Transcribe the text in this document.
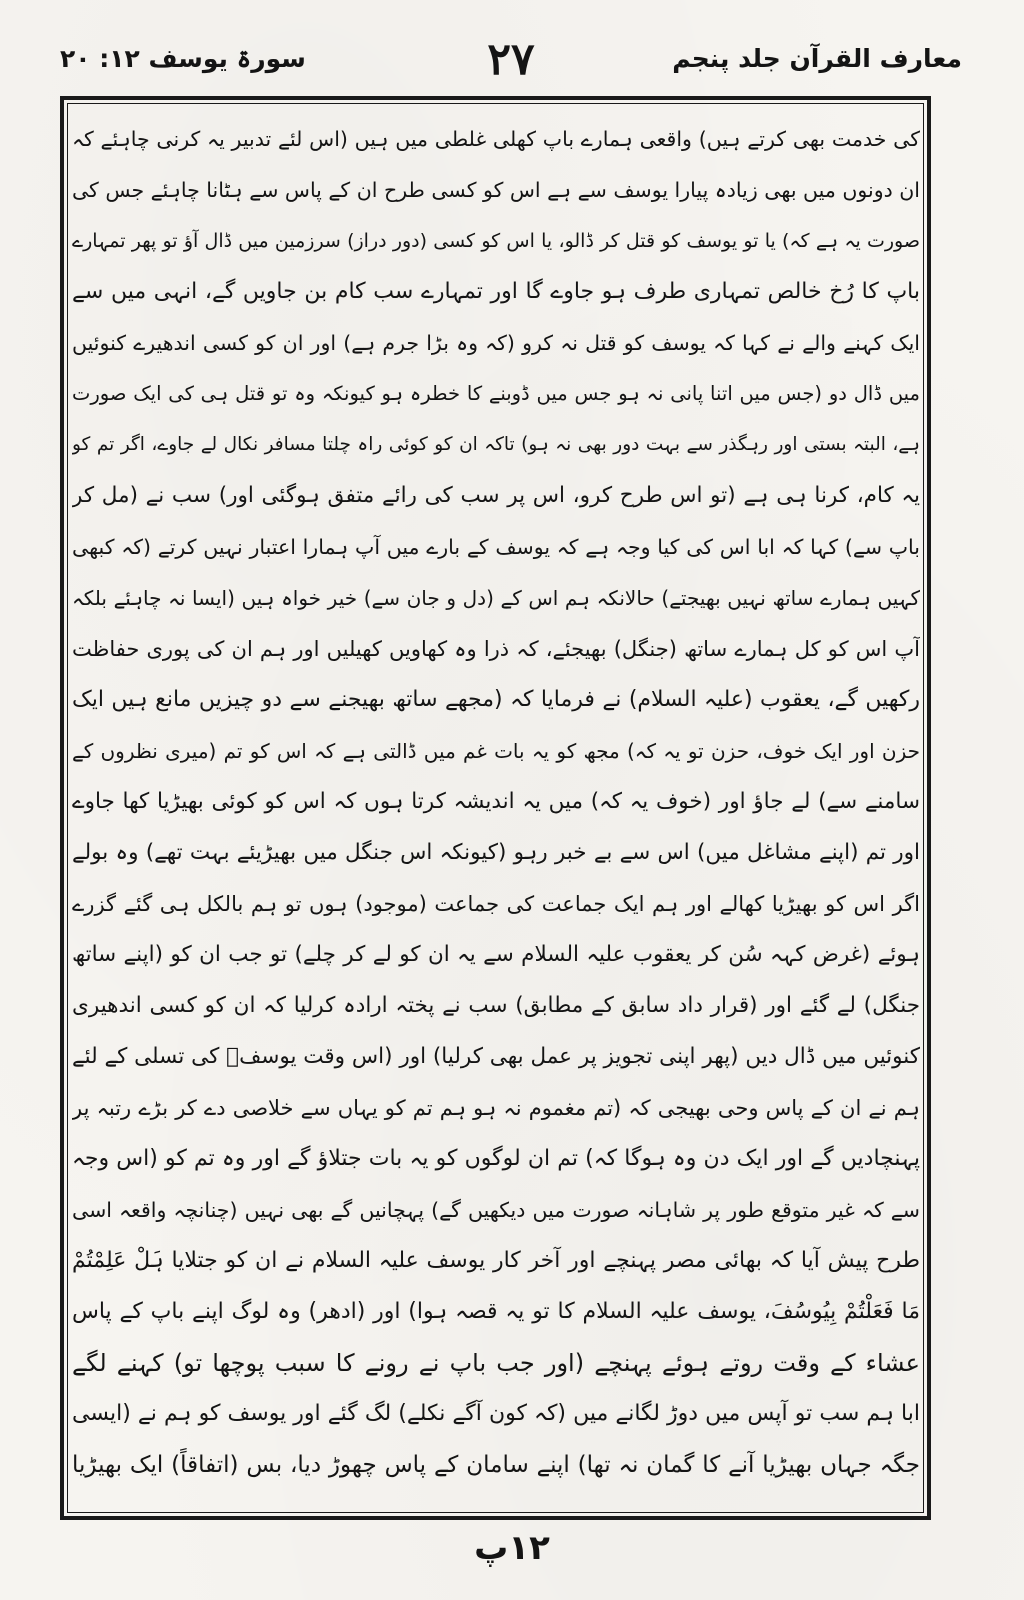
معارف القرآن جلد پنجم
۲۷
سورۃ یوسف ۱۲: ۲۰
کی خدمت بھی کرتے ہیں) واقعی ہمارے باپ کھلی غلطی میں ہیں (اس لئے تدبیر یہ کرنی چاہئے کہ
ان دونوں میں بھی زیادہ پیارا یوسف سے ہے اس کو کسی طرح ان کے پاس سے ہٹانا چاہئے جس کی
صورت یہ ہے کہ) یا تو یوسف کو قتل کر ڈالو، یا اس کو کسی (دور دراز) سرزمین میں ڈال آؤ تو پھر تمہارے
باپ کا رُخ خالص تمہاری طرف ہو جاوے گا اور تمہارے سب کام بن جاویں گے، انہی میں سے
ایک کہنے والے نے کہا کہ یوسف کو قتل نہ کرو (کہ وہ بڑا جرم ہے) اور ان کو کسی اندھیرے کنوئیں
میں ڈال دو (جس میں اتنا پانی نہ ہو جس میں ڈوبنے کا خطرہ ہو کیونکہ وہ تو قتل ہی کی ایک صورت
ہے، البتہ بستی اور رہگذر سے بہت دور بھی نہ ہو) تاکہ ان کو کوئی راہ چلتا مسافر نکال لے جاوے، اگر تم کو
یہ کام، کرنا ہی ہے (تو اس طرح کرو، اس پر سب کی رائے متفق ہوگئی اور) سب نے (مل کر
باپ سے) کہا کہ ابا اس کی کیا وجہ ہے کہ یوسف کے بارے میں آپ ہمارا اعتبار نہیں کرتے (کہ کبھی
کہیں ہمارے ساتھ نہیں بھیجتے) حالانکہ ہم اس کے (دل و جان سے) خیر خواہ ہیں (ایسا نہ چاہئے بلکہ
آپ اس کو کل ہمارے ساتھ (جنگل) بھیجئے، کہ ذرا وہ کھاویں کھیلیں اور ہم ان کی پوری حفاظت
رکھیں گے، یعقوب (علیہ السلام) نے فرمایا کہ (مجھے ساتھ بھیجنے سے دو چیزیں مانع ہیں ایک
حزن اور ایک خوف، حزن تو یہ کہ) مجھ کو یہ بات غم میں ڈالتی ہے کہ اس کو تم (میری نظروں کے
سامنے سے) لے جاؤ اور (خوف یہ کہ) میں یہ اندیشہ کرتا ہوں کہ اس کو کوئی بھیڑیا کھا جاوے
اور تم (اپنے مشاغل میں) اس سے بے خبر رہو (کیونکہ اس جنگل میں بھیڑیئے بہت تھے) وہ بولے
اگر اس کو بھیڑیا کھالے اور ہم ایک جماعت کی جماعت (موجود) ہوں تو ہم بالکل ہی گئے گزرے
ہوئے (غرض کہہ سُن کر یعقوب علیہ السلام سے یہ ان کو لے کر چلے) تو جب ان کو (اپنے ساتھ
جنگل) لے گئے اور (قرار داد سابق کے مطابق) سب نے پختہ ارادہ کرلیا کہ ان کو کسی اندھیری
کنوئیں میں ڈال دیں (پھر اپنی تجویز پر عمل بھی کرلیا) اور (اس وقت یوسفؑ کی تسلی کے لئے
ہم نے ان کے پاس وحی بھیجی کہ (تم مغموم نہ ہو ہم تم کو یہاں سے خلاصی دے کر بڑے رتبہ پر
پہنچادیں گے اور ایک دن وہ ہوگا کہ) تم ان لوگوں کو یہ بات جتلاؤ گے اور وہ تم کو (اس وجہ
سے کہ غیر متوقع طور پر شاہانہ صورت میں دیکھیں گے) پہچانیں گے بھی نہیں (چنانچہ واقعہ اسی
طرح پیش آیا کہ بھائی مصر پہنچے اور آخر کار یوسف علیہ السلام نے ان کو جتلایا ہَلْ عَلِمْتُمْ
مَا فَعَلْتُمْ بِيُوسُفَ، یوسف علیہ السلام کا تو یہ قصہ ہوا) اور (ادھر) وہ لوگ اپنے باپ کے پاس
عشاء کے وقت روتے ہوئے پہنچے (اور جب باپ نے رونے کا سبب پوچھا تو) کہنے لگے
ابا ہم سب تو آپس میں دوڑ لگانے میں (کہ کون آگے نکلے) لگ گئے اور یوسف کو ہم نے (ایسی
جگہ جہاں بھیڑیا آنے کا گمان نہ تھا) اپنے سامان کے پاس چھوڑ دیا، بس (اتفاقاً) ایک بھیڑیا
۱۲پ
